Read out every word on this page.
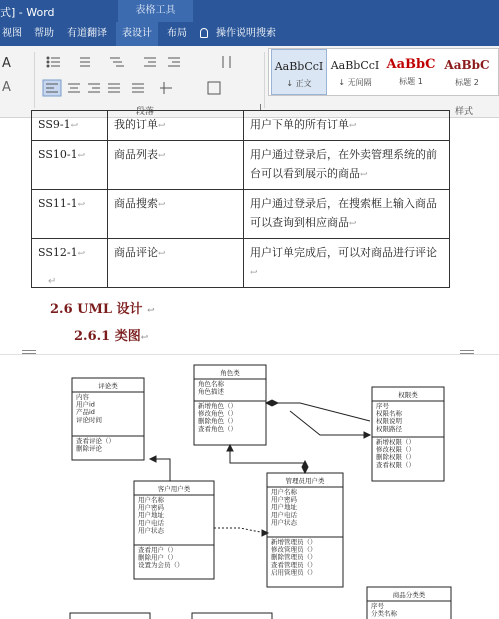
式] - Word	表格工具
视图	帮助	有道翻译	表设计	布局	操作说明搜索
A
A
段落
AaBbCcI
↓ 正文
AaBbCcI
↓ 无间隔
AaBbC
标题 1
AaBbC
标题 2
样式
SS9-1↩	我的订单↩	用户下单的所有订单↩
SS10-1↩	商品列表↩	用户通过登录后，在外卖管理系统的前台可以看到展示的商品↩
SS11-1↩	商品搜索↩	用户通过登录后，在搜索框上输入商品可以查询到相应商品↩
SS12-1↩	商品评论↩	用户订单完成后，可以对商品进行评论↩
↵
2.6 UML 设计 ↩
2.6.1 类图↩
评论类
内容
用户id
产品id
评论时间
查看评论（）
删除评论
角色类
角色名称
角色描述
新增角色（）
修改角色（）
删除角色（）
查看角色（）
权限类
序号
权限名称
权限说明
权限路径
新增权限（）
修改权限（）
删除权限（）
查看权限（）
客户用户类
用户名称
用户密码
用户地址
用户电话
用户状态
查看用户（）
删除用户（）
设置为会员（）
管理员用户类
用户名称
用户密码
用户地址
用户电话
用户状态
新增管理员（）
修改管理员（）
删除管理员（）
查看管理员（）
启用管理员（）
商品分类类
序号
分类名称
